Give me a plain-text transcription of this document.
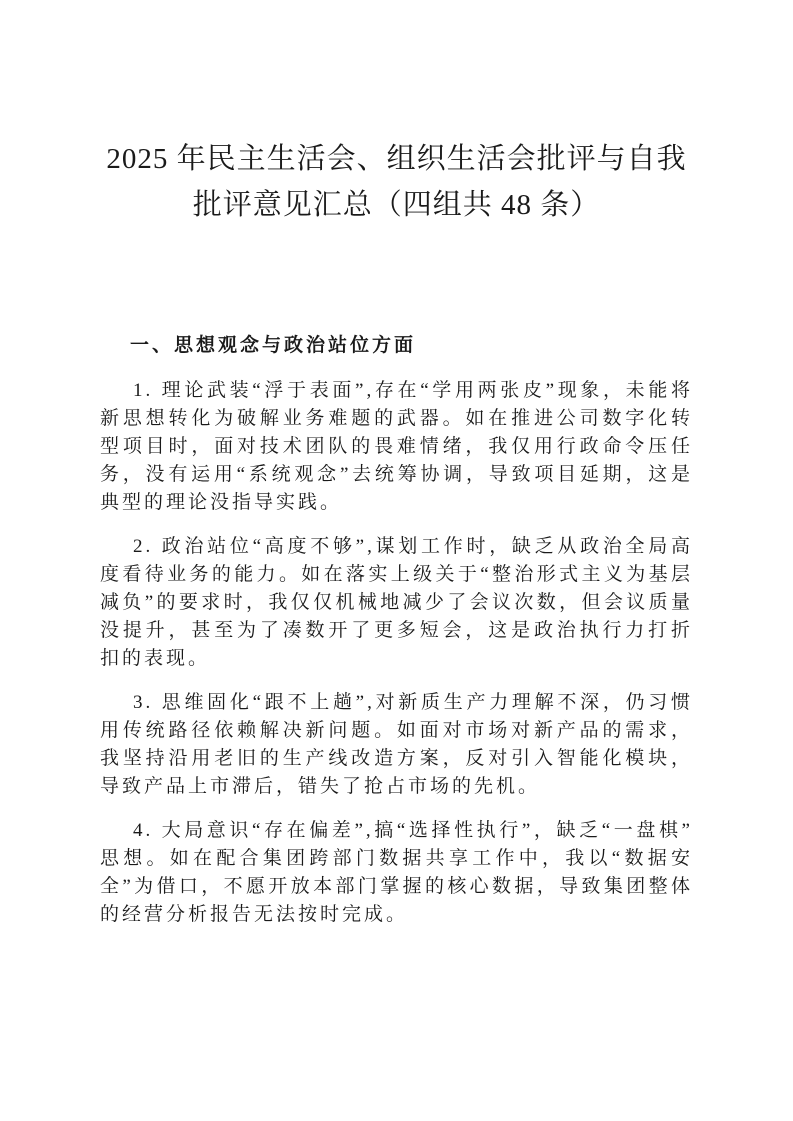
2025 年民主生活会、组织生活会批评与自我
批评意见汇总（四组共 48 条）
一、思想观念与政治站位方面

1. 理论武装“浮于表面”,存在“学用两张皮”现象，未能将新思想转化为破解业务难题的武器。如在推进公司数字化转型项目时，面对技术团队的畏难情绪，我仅用行政命令压任务，没有运用“系统观念”去统筹协调，导致项目延期，这是典型的理论没指导实践。

2. 政治站位“高度不够”,谋划工作时，缺乏从政治全局高度看待业务的能力。如在落实上级关于“整治形式主义为基层减负”的要求时，我仅仅机械地减少了会议次数，但会议质量没提升，甚至为了凑数开了更多短会，这是政治执行力打折扣的表现。

3. 思维固化“跟不上趟”,对新质生产力理解不深，仍习惯用传统路径依赖解决新问题。如面对市场对新产品的需求，我坚持沿用老旧的生产线改造方案，反对引入智能化模块，导致产品上市滞后，错失了抢占市场的先机。

4. 大局意识“存在偏差”,搞“选择性执行”，缺乏“一盘棋”思想。如在配合集团跨部门数据共享工作中，我以“数据安全”为借口，不愿开放本部门掌握的核心数据，导致集团整体的经营分析报告无法按时完成。
